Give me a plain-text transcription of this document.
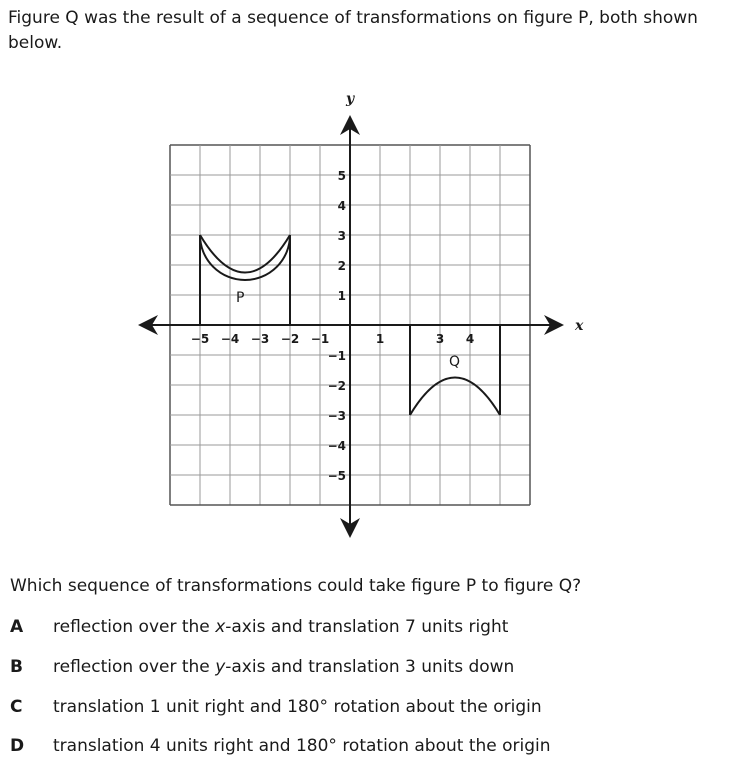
Figure Q was the result of a sequence of transformations on figure P, both shown below.

x
y
−5 −4 −3 −2 −1	1	3 4
5
4
3
2
1
−1
−2
−3
−4
−5
P
Q

Which sequence of transformations could take figure P to figure Q?

A	reflection over the x-axis and translation 7 units right
B	reflection over the y-axis and translation 3 units down
C	translation 1 unit right and 180° rotation about the origin
D	translation 4 units right and 180° rotation about the origin
